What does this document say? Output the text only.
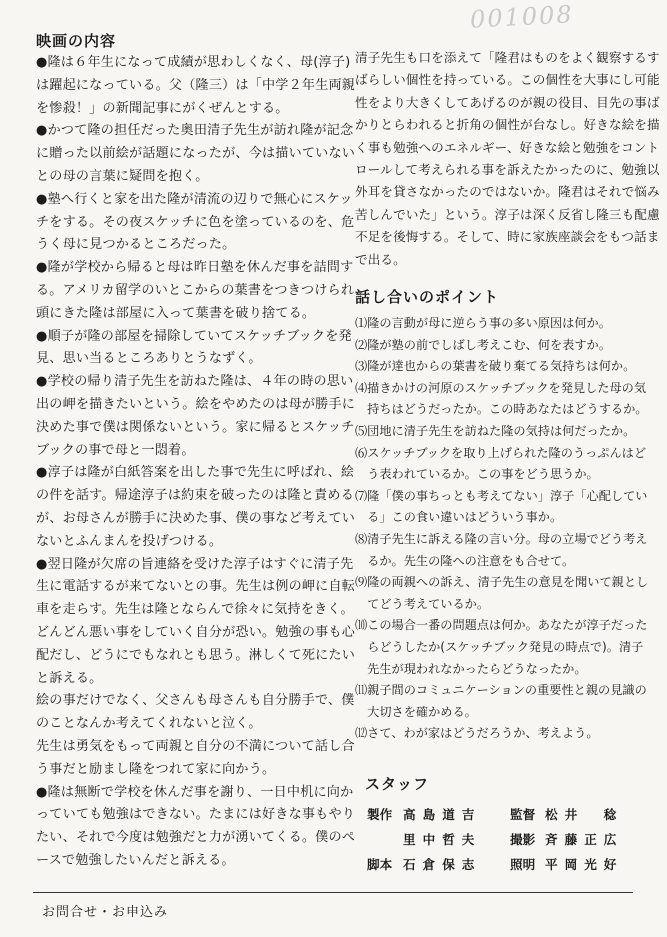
001008
映画の内容
●隆は６年生になって成績が思わしくなく、母(淳子)
は躍起になっている。父（隆三）は「中学２年生両親
を惨殺！」の新聞記事にがくぜんとする。
●かつて隆の担任だった奥田清子先生が訪れ隆が記念
に贈った以前絵が話題になったが、今は描いていない
との母の言葉に疑問を抱く。
●塾へ行くと家を出た隆が清流の辺りで無心にスケッ
チをする。その夜スケッチに色を塗っているのを、危
うく母に見つかるところだった。
●隆が学校から帰ると母は昨日塾を休んだ事を詰問す
る。アメリカ留学のいとこからの葉書をつきつけられ、
頭にきた隆は部屋に入って葉書を破り捨てる。
●順子が隆の部屋を掃除していてスケッチブックを発
見、思い当るところありとうなずく。
●学校の帰り清子先生を訪ねた隆は、４年の時の思い
出の岬を描きたいという。絵をやめたのは母が勝手に
決めた事で僕は関係ないという。家に帰るとスケッチ
ブックの事で母と一悶着。
●淳子は隆が白紙答案を出した事で先生に呼ばれ、絵
の件を話す。帰途淳子は約束を破ったのは隆と責める
が、お母さんが勝手に決めた事、僕の事など考えてい
ないとふんまんを投げつける。
●翌日隆が欠席の旨連絡を受けた淳子はすぐに清子先
生に電話するが来てないとの事。先生は例の岬に自転
車を走らす。先生は隆とならんで徐々に気持をきく。
どんどん悪い事をしていく自分が恐い。勉強の事も心
配だし、どうにでもなれとも思う。淋しくて死にたい
と訴える。
絵の事だけでなく、父さんも母さんも自分勝手で、僕
のことなんか考えてくれないと泣く。
先生は勇気をもって両親と自分の不満について話し合
う事だと励まし隆をつれて家に向かう。
●隆は無断で学校を休んだ事を謝り、一日中机に向か
っていても勉強はできない。たまには好きな事もやり
たい、それで今度は勉強だと力が湧いてくる。僕のペ
ースで勉強したいんだと訴える。
清子先生も口を添えて「隆君はものをよく観察するす
ばらしい個性を持っている。この個性を大事にし可能
性をより大きくしてあげるのが親の役目、目先の事ば
かりとらわれると折角の個性が台なし。好きな絵を描
く事も勉強へのエネルギー、好きな絵と勉強をコント
ロールして考えられる事を訴えたかったのに、勉強以
外耳を貸さなかったのではないか。隆君はそれで悩み
苦しんでいた」という。淳子は深く反省し隆三も配慮
不足を後悔する。そして、時に家族座談会をもつ話ま
で出る。
話し合いのポイント
⑴隆の言動が母に逆らう事の多い原因は何か。
⑵隆が塾の前でしばし考えこむ、何を表すか。
⑶隆が達也からの葉書を破り棄てる気持ちは何か。
⑷描きかけの河原のスケッチブックを発見した母の気
　持ちはどうだったか。この時あなたはどうするか。
⑸団地に清子先生を訪ねた隆の気持は何だったか。
⑹スケッチブックを取り上げられた隆のうっぷんはど
　う表われているか。この事をどう思うか。
⑺隆「僕の事ちっとも考えてない」淳子「心配してい
　る」この食い違いはどういう事か。
⑻清子先生に訴える隆の言い分。母の立場でどう考え
　るか。先生の隆への注意をも合せて。
⑼隆の両親への訴え、清子先生の意見を聞いて親とし
　てどう考えているか。
⑽この場合一番の問題点は何か。あなたが淳子だった
　らどうしたか(スケッチブック発見の時点で)。清子
　先生が現われなかったらどうなったか。
⑾親子間のコミュニケーションの重要性と親の見識の
　大切さを確かめる。
⑿さて、わが家はどうだろうか、考えよう。
スタッフ
製作 高島道吉 監督 松井　稔
里中哲夫 撮影 斉藤正広
脚本 石倉保志 照明 平岡光好
お問合せ・お申込み
